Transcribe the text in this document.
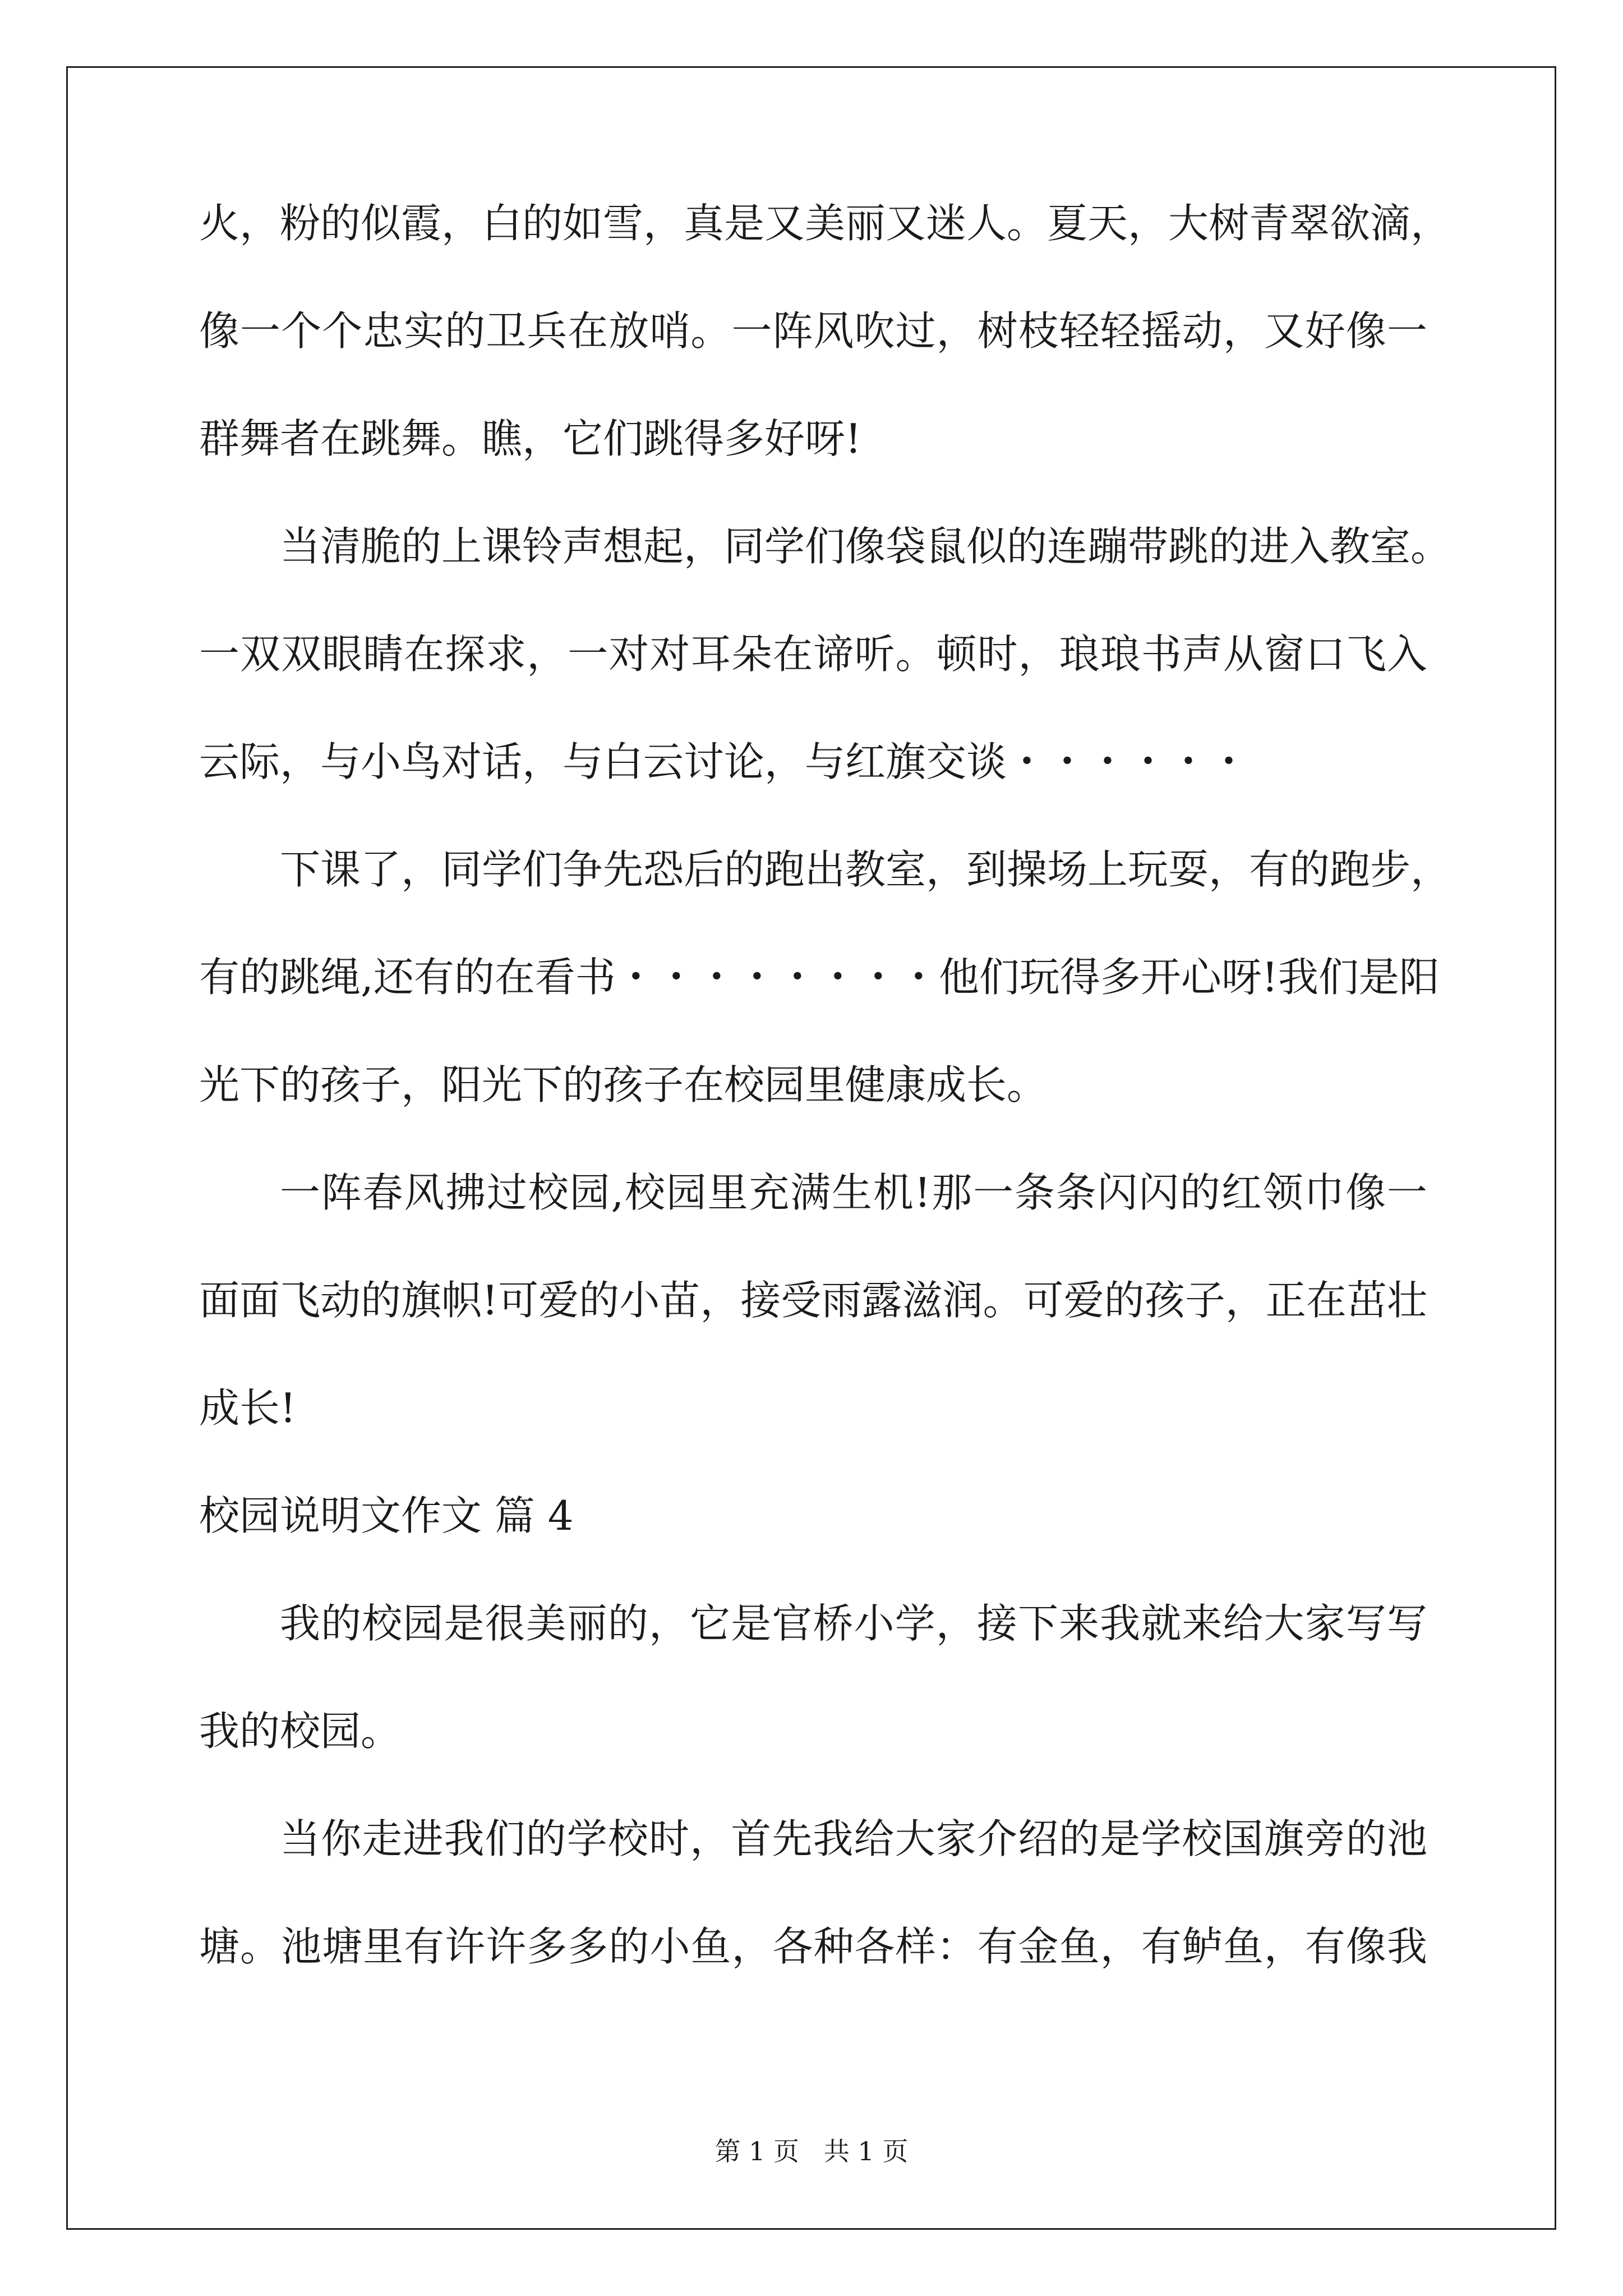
火，粉的似霞，白的如雪，真是又美丽又迷人。夏天，大树青翠欲滴，
像一个个忠实的卫兵在放哨。一阵风吹过，树枝轻轻摇动，又好像一
群舞者在跳舞。瞧，它们跳得多好呀!
当清脆的上课铃声想起，同学们像袋鼠似的连蹦带跳的进入教室。
一双双眼睛在探求，一对对耳朵在谛听。顿时，琅琅书声从窗口飞入
云际，与小鸟对话，与白云讨论，与红旗交谈・・・・・・
下课了，同学们争先恐后的跑出教室，到操场上玩耍，有的跑步，
有的跳绳,还有的在看书・・・・・・・・他们玩得多开心呀!我们是阳
光下的孩子，阳光下的孩子在校园里健康成长。
一阵春风拂过校园,校园里充满生机!那一条条闪闪的红领巾像一
面面飞动的旗帜!可爱的小苗，接受雨露滋润。可爱的孩子，正在茁壮
成长!
校园说明文作文 篇 4
我的校园是很美丽的，它是官桥小学，接下来我就来给大家写写
我的校园。
当你走进我们的学校时，首先我给大家介绍的是学校国旗旁的池
塘。池塘里有许许多多的小鱼，各种各样：有金鱼，有鲈鱼，有像我
第 1 页   共 1 页
